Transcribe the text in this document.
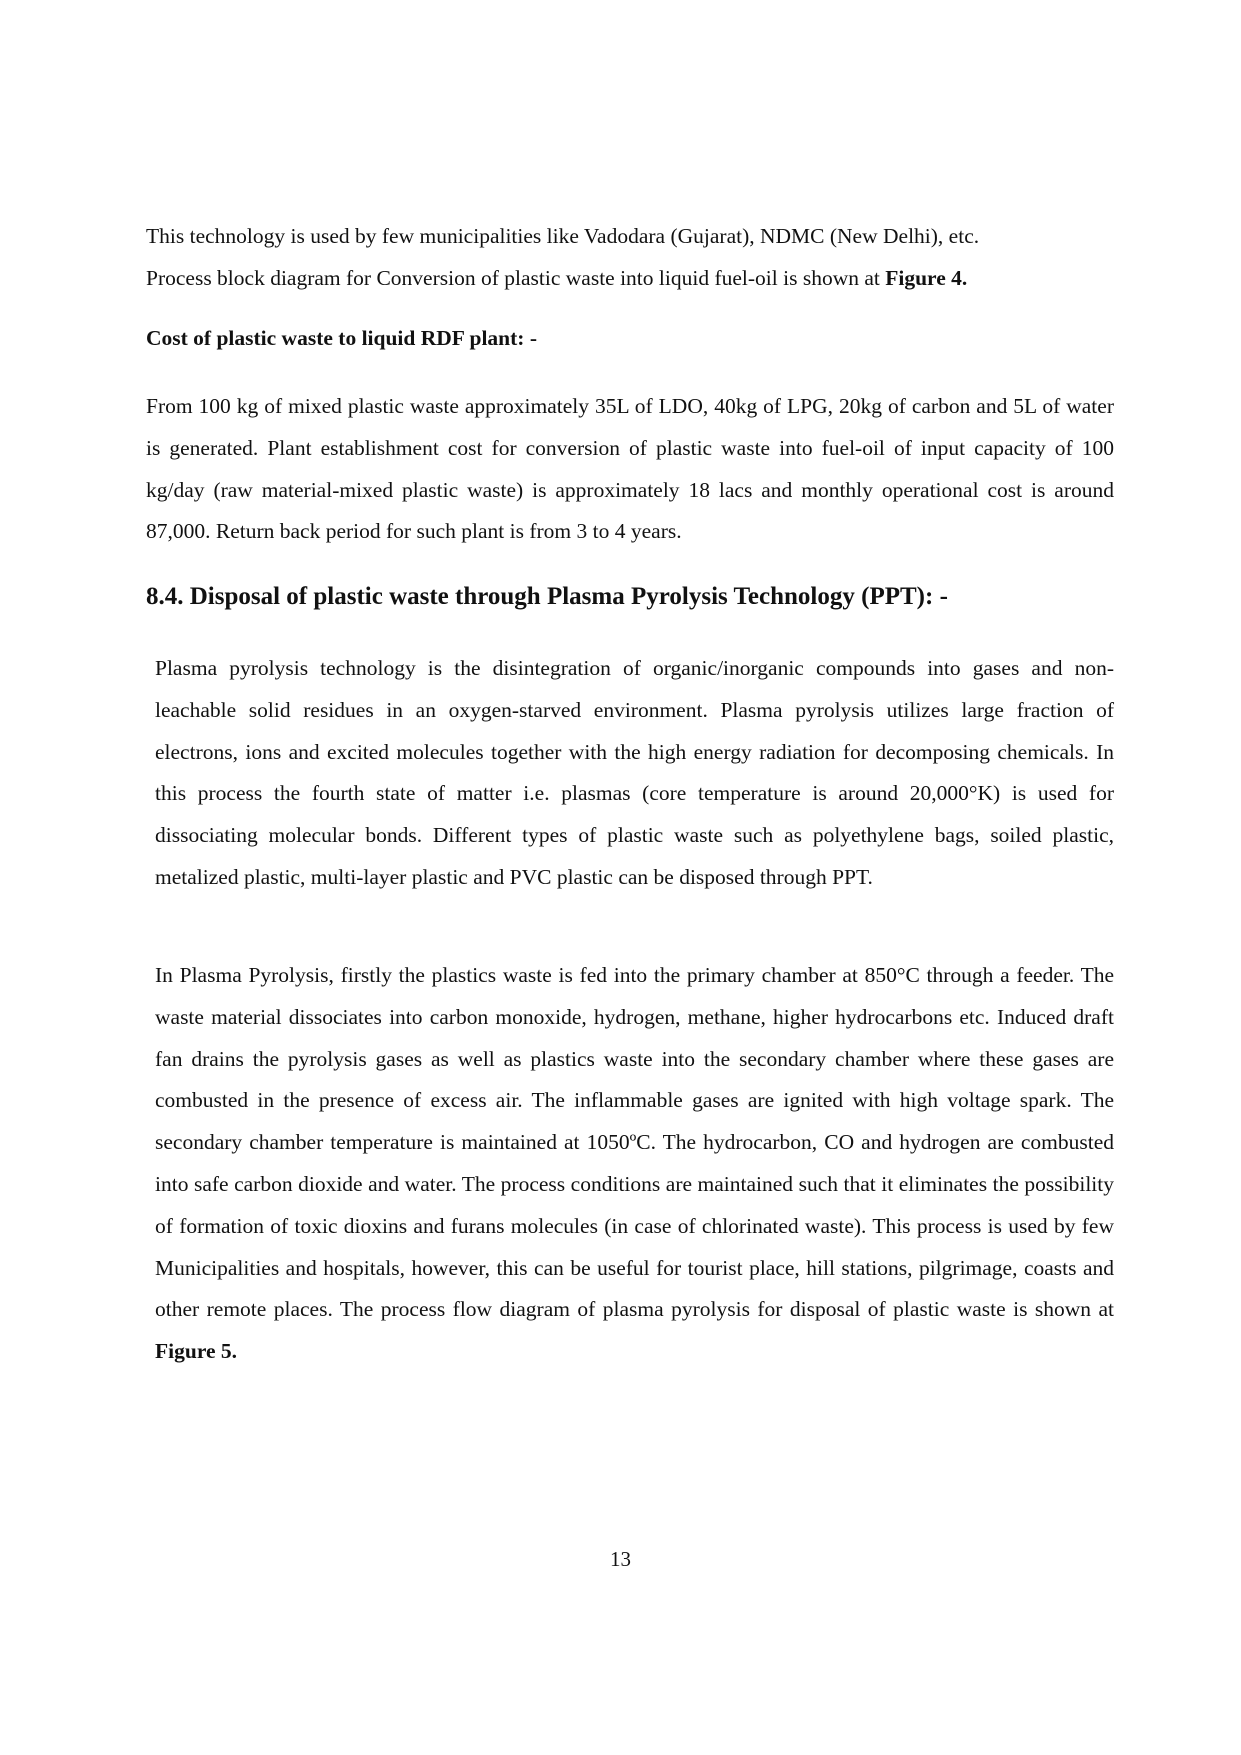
This technology is used by few municipalities like Vadodara (Gujarat), NDMC (New Delhi), etc.
Process block diagram for Conversion of plastic waste into liquid fuel-oil is shown at Figure 4.
Cost of plastic waste to liquid RDF plant: -

From 100 kg of mixed plastic waste approximately 35L of LDO, 40kg of LPG, 20kg of carbon and 5L of water is generated. Plant establishment cost for conversion of plastic waste into fuel-oil of input capacity of 100 kg/day (raw material-mixed plastic waste) is approximately 18 lacs and monthly operational cost is around 87,000. Return back period for such plant is from 3 to 4 years.

8.4. Disposal of plastic waste through Plasma Pyrolysis Technology (PPT): -

Plasma pyrolysis technology is the disintegration of organic/inorganic compounds into gases and non- leachable solid residues in an oxygen-starved environment. Plasma pyrolysis utilizes large fraction of electrons, ions and excited molecules together with the high energy radiation for decomposing chemicals. In this process the fourth state of matter i.e. plasmas (core temperature is around 20,000°K) is used for dissociating molecular bonds. Different types of plastic waste such as polyethylene bags, soiled plastic, metalized plastic, multi-layer plastic and PVC plastic can be disposed through PPT.

In Plasma Pyrolysis, firstly the plastics waste is fed into the primary chamber at 850°C through a feeder. The waste material dissociates into carbon monoxide, hydrogen, methane, higher hydrocarbons etc. Induced draft fan drains the pyrolysis gases as well as plastics waste into the secondary chamber where these gases are combusted in the presence of excess air. The inflammable gases are ignited with high voltage spark. The secondary chamber temperature is maintained at 1050ºC. The hydrocarbon, CO and hydrogen are combusted into safe carbon dioxide and water. The process conditions are maintained such that it eliminates the possibility of formation of toxic dioxins and furans molecules (in case of chlorinated waste). This process is used by few Municipalities and hospitals, however, this can be useful for tourist place, hill stations, pilgrimage, coasts and other remote places. The process flow diagram of plasma pyrolysis for disposal of plastic waste is shown at Figure 5.

13
